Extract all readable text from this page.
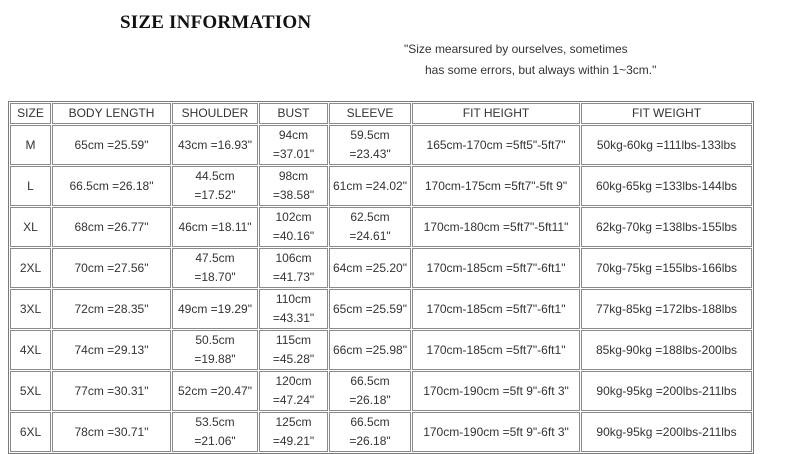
SIZE INFORMATION
"Size mearsured by ourselves, sometimes
has some errors, but always within 1~3cm."
SIZE	BODY LENGTH	SHOULDER	BUST	SLEEVE	FIT HEIGHT	FIT WEIGHT
M	65cm =25.59"	43cm =16.93"	94cm =37.01"	59.5cm =23.43"	165cm-170cm =5ft5"-5ft7"	50kg-60kg =111lbs-133lbs
L	66.5cm =26.18"	44.5cm =17.52"	98cm =38.58"	61cm =24.02"	170cm-175cm =5ft7"-5ft 9"	60kg-65kg =133lbs-144lbs
XL	68cm =26.77"	46cm =18.11"	102cm =40.16"	62.5cm =24.61"	170cm-180cm =5ft7"-5ft11"	62kg-70kg =138lbs-155lbs
2XL	70cm =27.56"	47.5cm =18.70"	106cm =41.73"	64cm =25.20"	170cm-185cm =5ft7"-6ft1"	70kg-75kg =155lbs-166lbs
3XL	72cm =28.35"	49cm =19.29"	110cm =43.31"	65cm =25.59"	170cm-185cm =5ft7"-6ft1"	77kg-85kg =172lbs-188lbs
4XL	74cm =29.13"	50.5cm =19.88"	115cm =45.28"	66cm =25.98"	170cm-185cm =5ft7"-6ft1"	85kg-90kg =188lbs-200lbs
5XL	77cm =30.31"	52cm =20.47"	120cm =47.24"	66.5cm =26.18"	170cm-190cm =5ft 9"-6ft 3"	90kg-95kg =200lbs-211lbs
6XL	78cm =30.71"	53.5cm =21.06"	125cm =49.21"	66.5cm =26.18"	170cm-190cm =5ft 9"-6ft 3"	90kg-95kg =200lbs-211lbs
